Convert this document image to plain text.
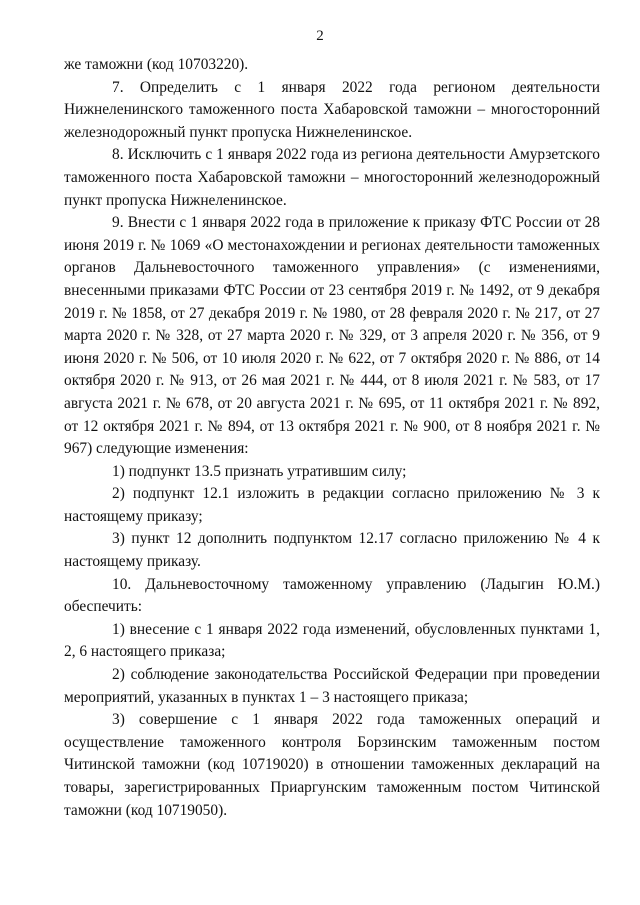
2

же таможни (код 10703220).

7. Определить с 1 января 2022 года регионом деятельности Нижнеленинского таможенного поста Хабаровской таможни – многосторонний железнодорожный пункт пропуска Нижнеленинское.

8. Исключить с 1 января 2022 года из региона деятельности Амурзетского таможенного поста Хабаровской таможни – многосторонний железнодорожный пункт пропуска Нижнеленинское.

9. Внести с 1 января 2022 года в приложение к приказу ФТС России от 28 июня 2019 г. № 1069 «О местонахождении и регионах деятельности таможенных органов Дальневосточного таможенного управления» (с изменениями, внесенными приказами ФТС России от 23 сентября 2019 г. № 1492, от 9 декабря 2019 г. № 1858, от 27 декабря 2019 г. № 1980, от 28 февраля 2020 г. № 217, от 27 марта 2020 г. № 328, от 27 марта 2020 г. № 329, от 3 апреля 2020 г. № 356, от 9 июня 2020 г. № 506, от 10 июля 2020 г. № 622, от 7 октября 2020 г. № 886, от 14 октября 2020 г. № 913, от 26 мая 2021 г. № 444, от 8 июля 2021 г. № 583, от 17 августа 2021 г. № 678, от 20 августа 2021 г. № 695, от 11 октября 2021 г. № 892, от 12 октября 2021 г. № 894, от 13 октября 2021 г. № 900, от 8 ноября 2021 г. № 967) следующие изменения:

1) подпункт 13.5 признать утратившим силу;

2) подпункт 12.1 изложить в редакции согласно приложению № 3 к настоящему приказу;

3) пункт 12 дополнить подпунктом 12.17 согласно приложению № 4 к настоящему приказу.

10. Дальневосточному таможенному управлению (Ладыгин Ю.М.) обеспечить:

1) внесение с 1 января 2022 года изменений, обусловленных пунктами 1, 2, 6 настоящего приказа;

2) соблюдение законодательства Российской Федерации при проведении мероприятий, указанных в пунктах 1 – 3 настоящего приказа;

3) совершение с 1 января 2022 года таможенных операций и осуществление таможенного контроля Борзинским таможенным постом Читинской таможни (код 10719020) в отношении таможенных деклараций на товары, зарегистрированных Приаргунским таможенным постом Читинской таможни (код 10719050).
